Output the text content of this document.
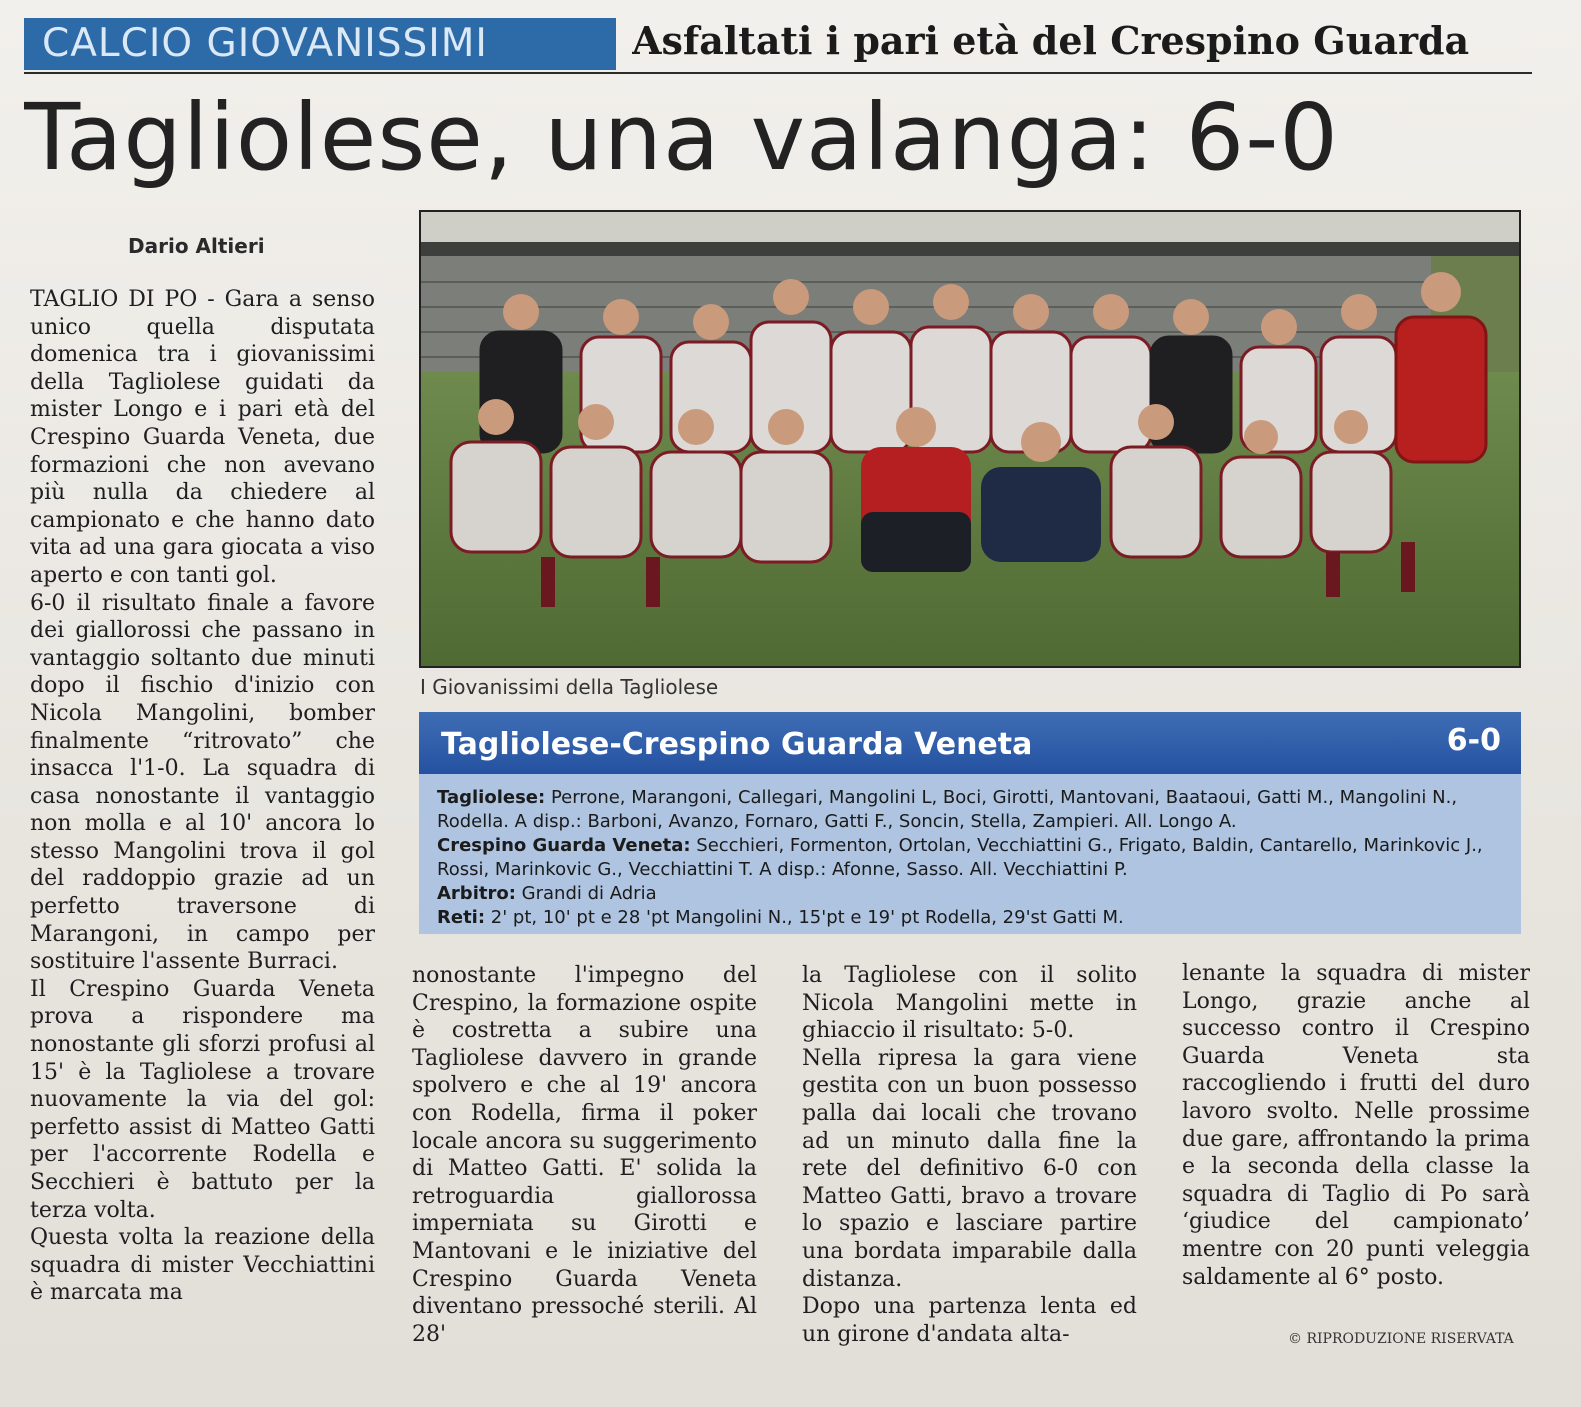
CALCIO GIOVANISSIMI	Asfaltati i pari età del Crespino Guarda
Tagliolese, una valanga: 6-0
Dario Altieri

TAGLIO DI PO - Gara a senso unico quella disputata domenica tra i giovanissimi della Tagliolese guidati da mister Longo e i pari età del Crespino Guarda Veneta, due formazioni che non avevano più nulla da chiedere al campionato e che hanno dato vita ad una gara giocata a viso aperto e con tanti gol.

6-0 il risultato finale a favore dei giallorossi che passano in vantaggio soltanto due minuti dopo il fischio d'inizio con Nicola Mangolini, bomber finalmente “ritrovato” che insacca l'1-0. La squadra di casa nonostante il vantaggio non molla e al 10' ancora lo stesso Mangolini trova il gol del raddoppio grazie ad un perfetto traversone di Marangoni, in campo per sostituire l'assente Burraci.

Il Crespino Guarda Veneta prova a rispondere ma nonostante gli sforzi profusi al 15' è la Tagliolese a trovare nuovamente la via del gol: perfetto assist di Matteo Gatti per l'accorrente Rodella e Secchieri è battuto per la terza volta.

Questa volta la reazione della squadra di mister Vecchiattini è marcata ma

I Giovanissimi della Tagliolese
Tagliolese-Crespino Guarda Veneta	6-0
Tagliolese: Perrone, Marangoni, Callegari, Mangolini L, Boci, Girotti, Mantovani, Baataoui, Gatti M., Mangolini N.,
Rodella. A disp.: Barboni, Avanzo, Fornaro, Gatti F., Soncin, Stella, Zampieri. All. Longo A.
Crespino Guarda Veneta: Secchieri, Formenton, Ortolan, Vecchiattini G., Frigato, Baldin, Cantarello, Marinkovic J.,
Rossi, Marinkovic G., Vecchiattini T. A disp.: Afonne, Sasso. All. Vecchiattini P.
Arbitro: Grandi di Adria
Reti: 2' pt, 10' pt e 28 'pt Mangolini N., 15'pt e 19' pt Rodella, 29'st Gatti M.

nonostante l'impegno del Crespino, la formazione ospite è costretta a subire una Tagliolese davvero in grande spolvero e che al 19' ancora con Rodella, firma il poker locale ancora su suggerimento di Matteo Gatti. E' solida la retroguardia giallorossa imperniata su Girotti e Mantovani e le iniziative del Crespino Guarda Veneta diventano pressoché sterili. Al 28'

la Tagliolese con il solito Nicola Mangolini mette in ghiaccio il risultato: 5-0.

Nella ripresa la gara viene gestita con un buon possesso palla dai locali che trovano ad un minuto dalla fine la rete del definitivo 6-0 con Matteo Gatti, bravo a trovare lo spazio e lasciare partire una bordata imparabile dalla distanza.

Dopo una partenza lenta ed un girone d'andata alta-

lenante la squadra di mister Longo, grazie anche al successo contro il Crespino Guarda Veneta sta raccogliendo i frutti del duro lavoro svolto. Nelle prossime due gare, affrontando la prima e la seconda della classe la squadra di Taglio di Po sarà ‘giudice del campionato’ mentre con 20 punti veleggia saldamente al 6° posto.

© RIPRODUZIONE RISERVATA
